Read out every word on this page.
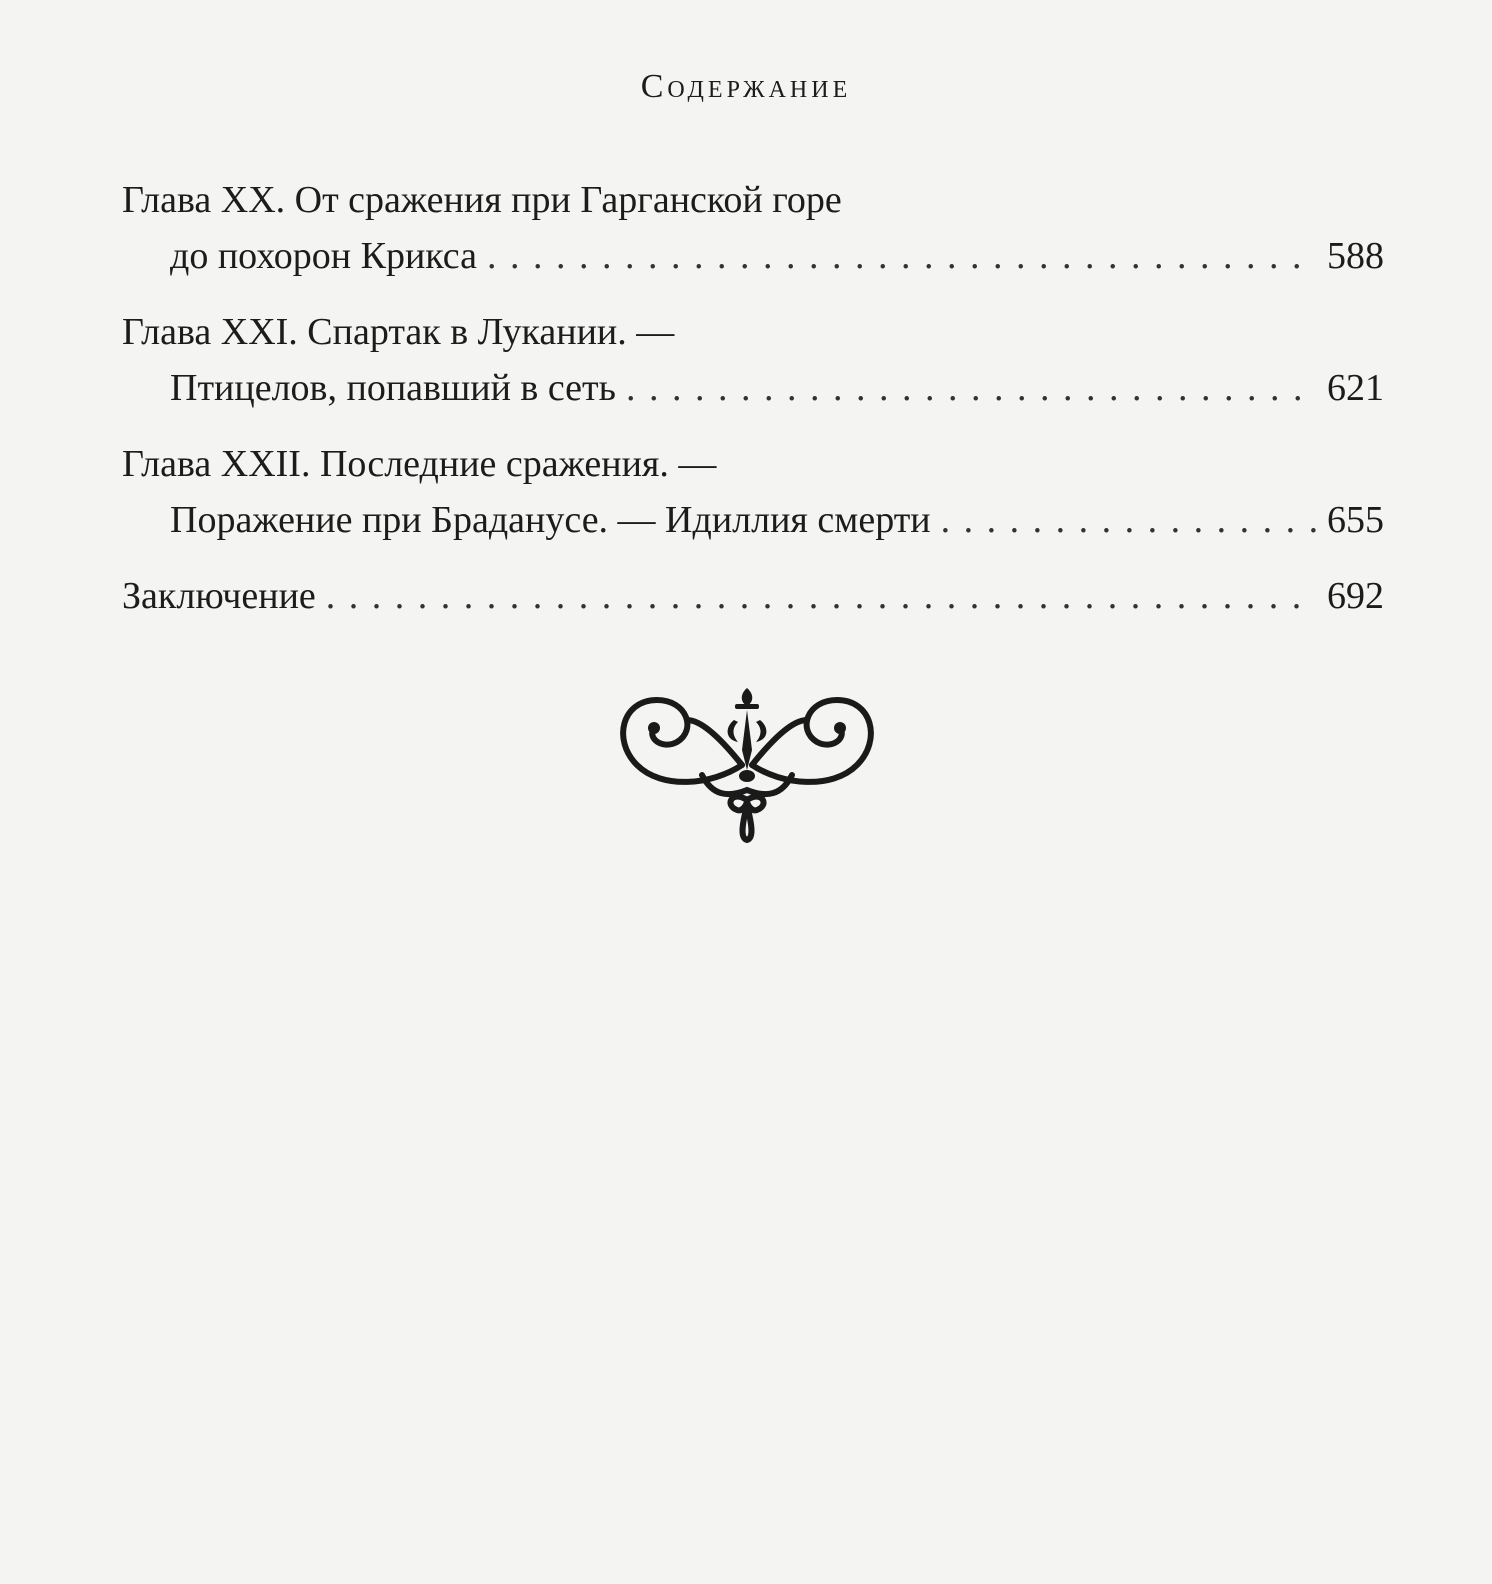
Содержание
Глава XX. От сражения при Гарганской горе
до похорон Крикса . . .	588
Глава XXI. Спартак в Лукании. —
Птицелов, попавший в сеть . . .	621
Глава XXII. Последние сражения. —
Поражение при Браданусе. — Идиллия смерти . . .	655
Заключение . . .	692
